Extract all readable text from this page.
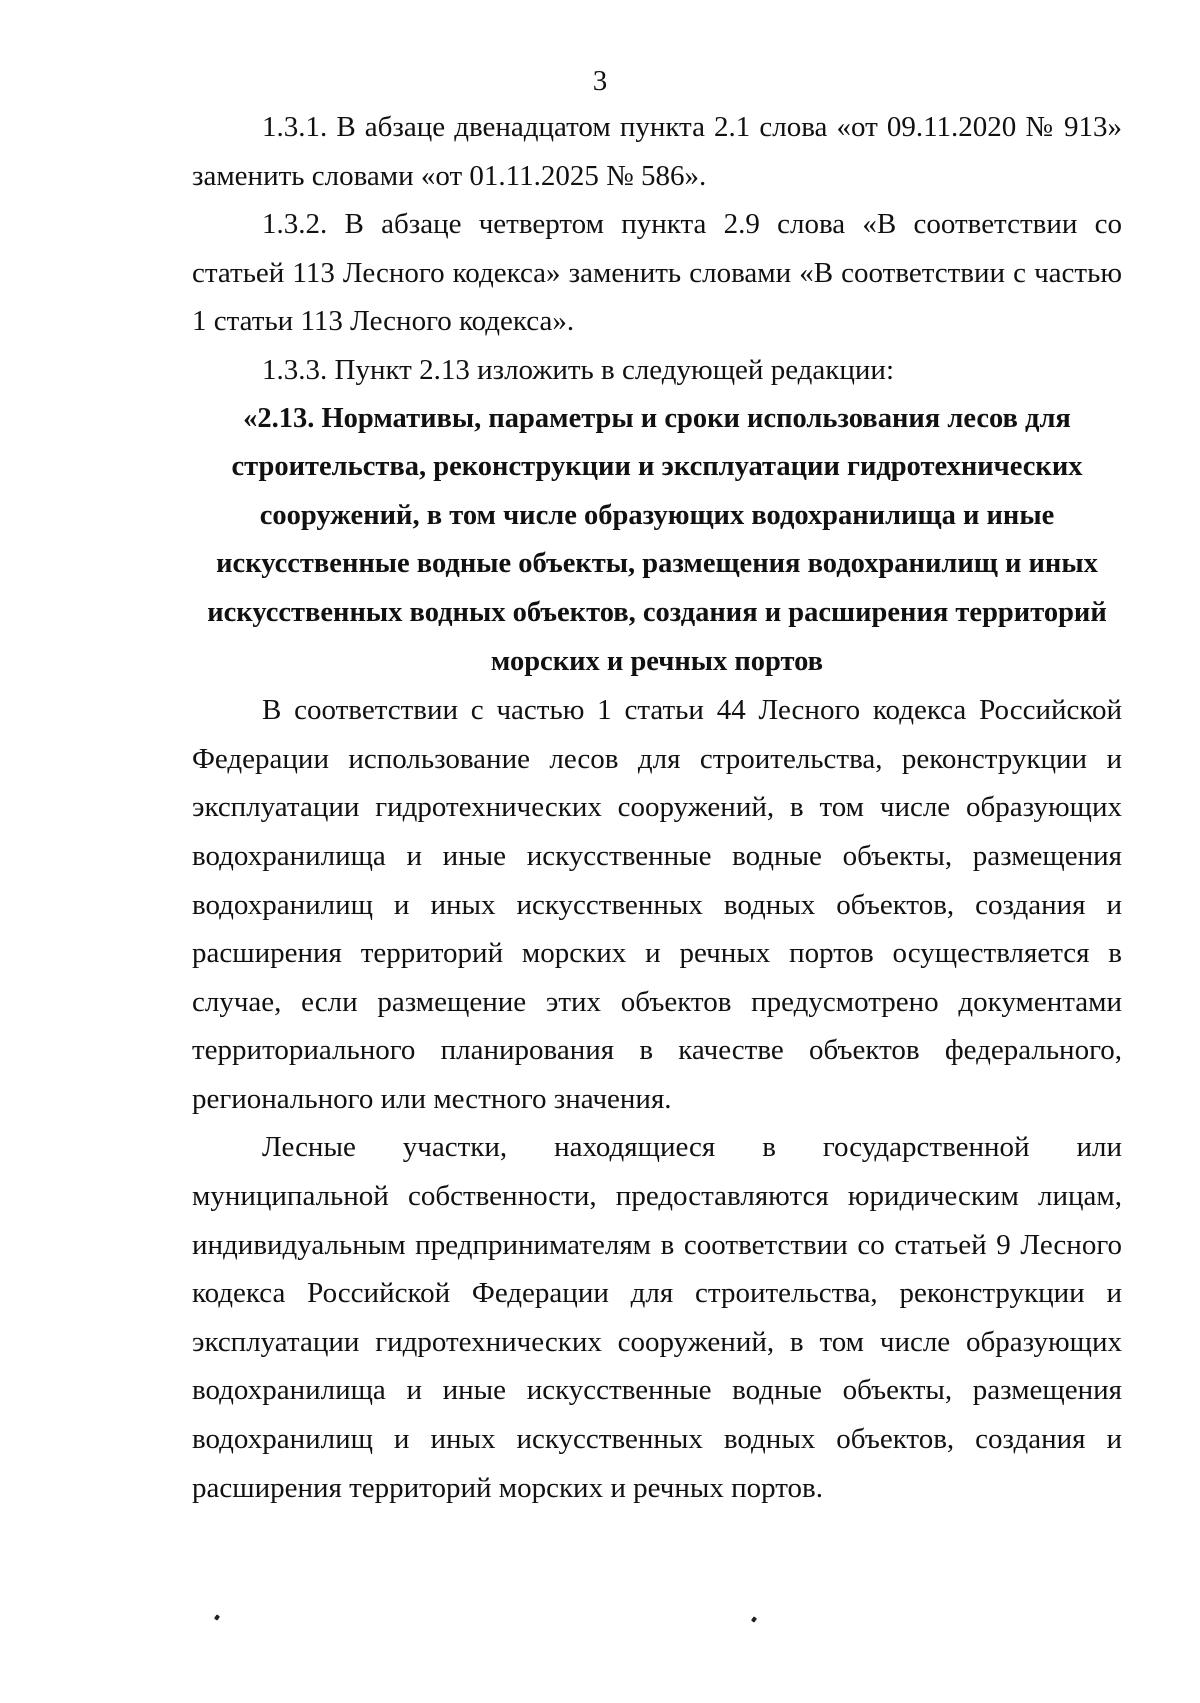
3

1.3.1. В абзаце двенадцатом пункта 2.1 слова «от 09.11.2020 № 913» заменить словами «от 01.11.2025 № 586».

1.3.2. В абзаце четвертом пункта 2.9 слова «В соответствии со статьей 113 Лесного кодекса» заменить словами «В соответствии с частью 1 статьи 113 Лесного кодекса».

1.3.3. Пункт 2.13 изложить в следующей редакции:

«2.13. Нормативы, параметры и сроки использования лесов для строительства, реконструкции и эксплуатации гидротехнических сооружений, в том числе образующих водохранилища и иные искусственные водные объекты, размещения водохранилищ и иных искусственных водных объектов, создания и расширения территорий морских и речных портов

В соответствии с частью 1 статьи 44 Лесного кодекса Российской Федерации использование лесов для строительства, реконструкции и эксплуатации гидротехнических сооружений, в том числе образующих водохранилища и иные искусственные водные объекты, размещения водохранилищ и иных искусственных водных объектов, создания и расширения территорий морских и речных портов осуществляется в случае, если размещение этих объектов предусмотрено документами территориального планирования в качестве объектов федерального, регионального или местного значения.

Лесные участки, находящиеся в государственной или муниципальной собственности, предоставляются юридическим лицам, индивидуальным предпринимателям в соответствии со статьей 9 Лесного кодекса Российской Федерации для строительства, реконструкции и эксплуатации гидротехнических сооружений, в том числе образующих водохранилища и иные искусственные водные объекты, размещения водохранилищ и иных искусственных водных объектов, создания и расширения территорий морских и речных портов.
